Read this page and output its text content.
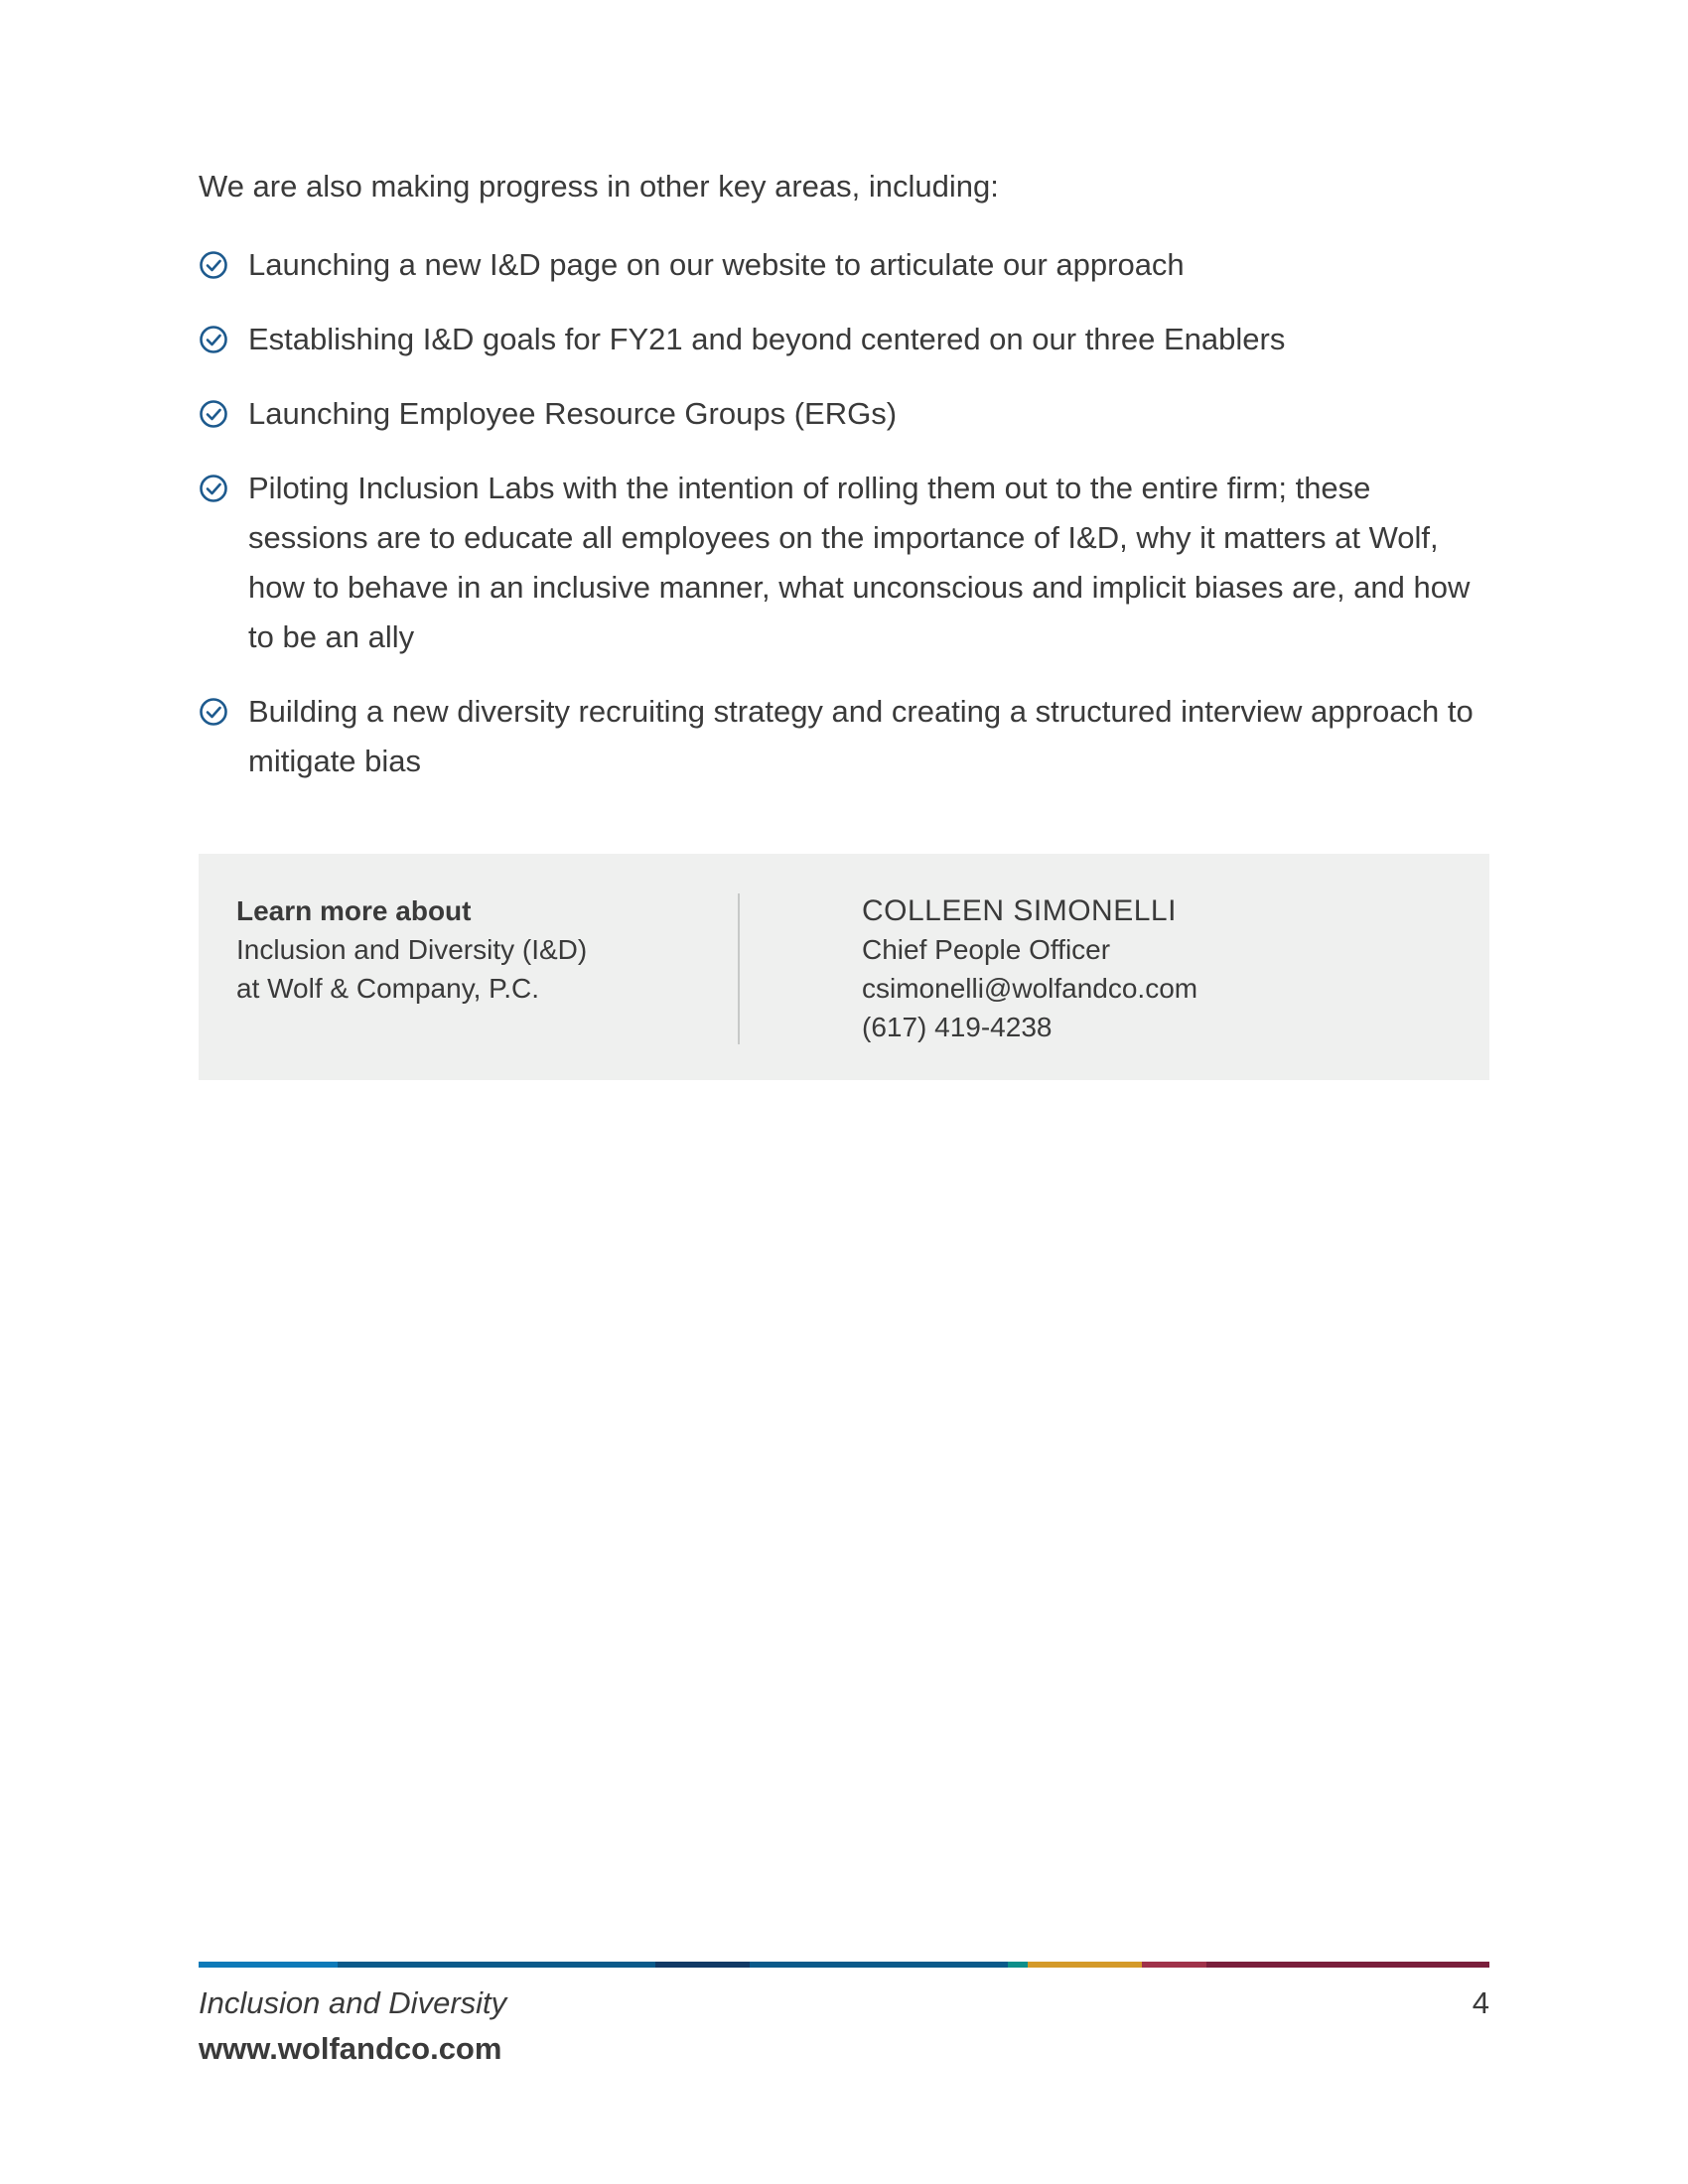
We are also making progress in other key areas, including:

Launching a new I&D page on our website to articulate our approach
Establishing I&D goals for FY21 and beyond centered on our three Enablers
Launching Employee Resource Groups (ERGs)
Piloting Inclusion Labs with the intention of rolling them out to the entire firm; these sessions are to educate all employees on the importance of I&D, why it matters at Wolf, how to behave in an inclusive manner, what unconscious and implicit biases are, and how to be an ally
Building a new diversity recruiting strategy and creating a structured interview approach to mitigate bias
Learn more about
Inclusion and Diversity (I&D)
at Wolf & Company, P.C.
COLLEEN SIMONELLI
Chief People Officer
csimonelli@wolfandco.com
(617) 419-4238
Inclusion and Diversity
www.wolfandco.com
4
